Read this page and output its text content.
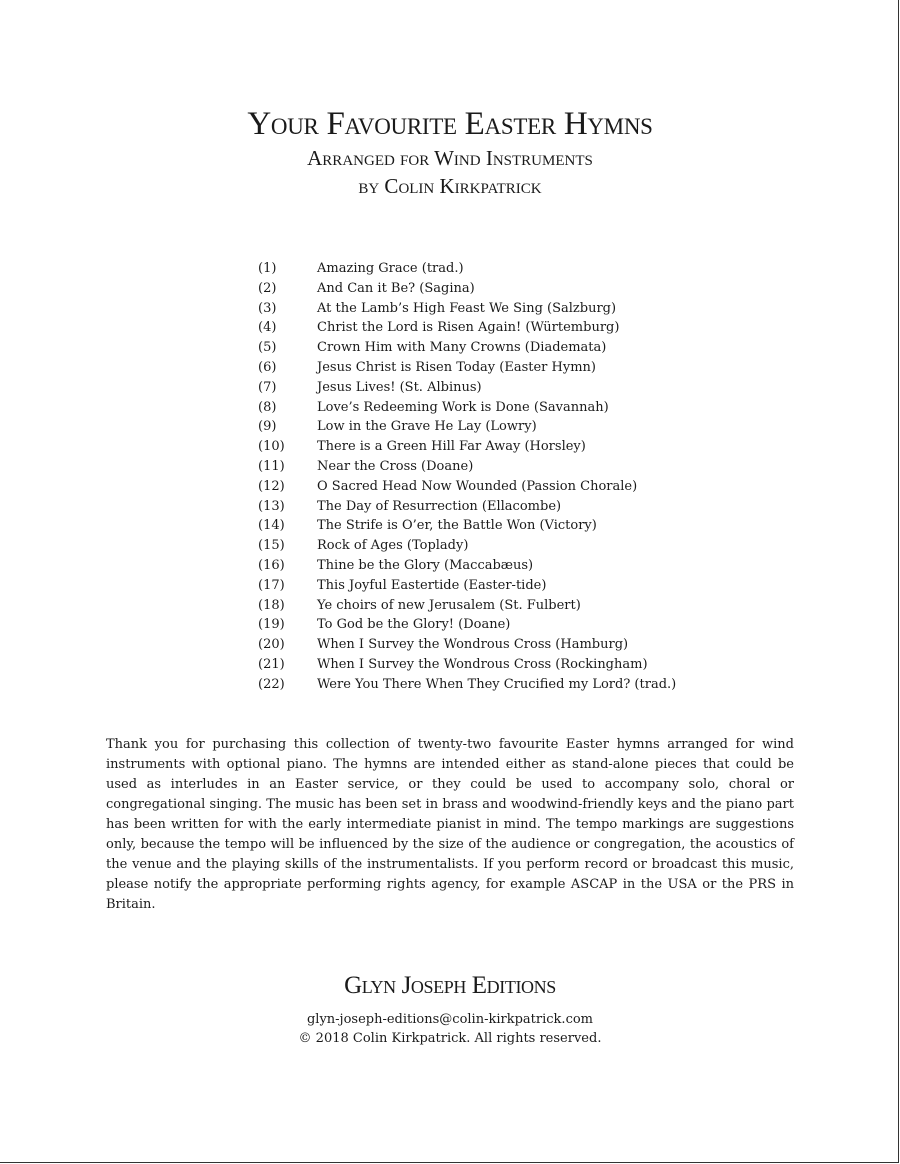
Your Favourite Easter Hymns
Arranged for Wind Instruments
by Colin Kirkpatrick
(1)	Amazing Grace (trad.)
(2)	And Can it Be? (Sagina)
(3)	At the Lamb’s High Feast We Sing (Salzburg)
(4)	Christ the Lord is Risen Again! (Würtemburg)
(5)	Crown Him with Many Crowns (Diademata)
(6)	Jesus Christ is Risen Today (Easter Hymn)
(7)	Jesus Lives! (St. Albinus)
(8)	Love’s Redeeming Work is Done (Savannah)
(9)	Low in the Grave He Lay (Lowry)
(10)	There is a Green Hill Far Away (Horsley)
(11)	Near the Cross (Doane)
(12)	O Sacred Head Now Wounded (Passion Chorale)
(13)	The Day of Resurrection (Ellacombe)
(14)	The Strife is O’er, the Battle Won (Victory)
(15)	Rock of Ages (Toplady)
(16)	Thine be the Glory (Maccabæus)
(17)	This Joyful Eastertide (Easter-tide)
(18)	Ye choirs of new Jerusalem (St. Fulbert)
(19)	To God be the Glory! (Doane)
(20)	When I Survey the Wondrous Cross (Hamburg)
(21)	When I Survey the Wondrous Cross (Rockingham)
(22)	Were You There When They Crucified my Lord? (trad.)

Thank you for purchasing this collection of twenty-two favourite Easter hymns arranged for wind instruments with optional piano. The hymns are intended either as stand-alone pieces that could be used as interludes in an Easter service, or they could be used to accompany solo, choral or congregational singing. The music has been set in brass and woodwind-friendly keys and the piano part has been written for with the early intermediate pianist in mind. The tempo markings are suggestions only, because the tempo will be influenced by the size of the audience or congregation, the acoustics of the venue and the playing skills of the instrumentalists. If you perform record or broadcast this music, please notify the appropriate performing rights agency, for example ASCAP in the USA or the PRS in Britain.

Glyn Joseph Editions
glyn-joseph-editions@colin-kirkpatrick.com
© 2018 Colin Kirkpatrick. All rights reserved.
